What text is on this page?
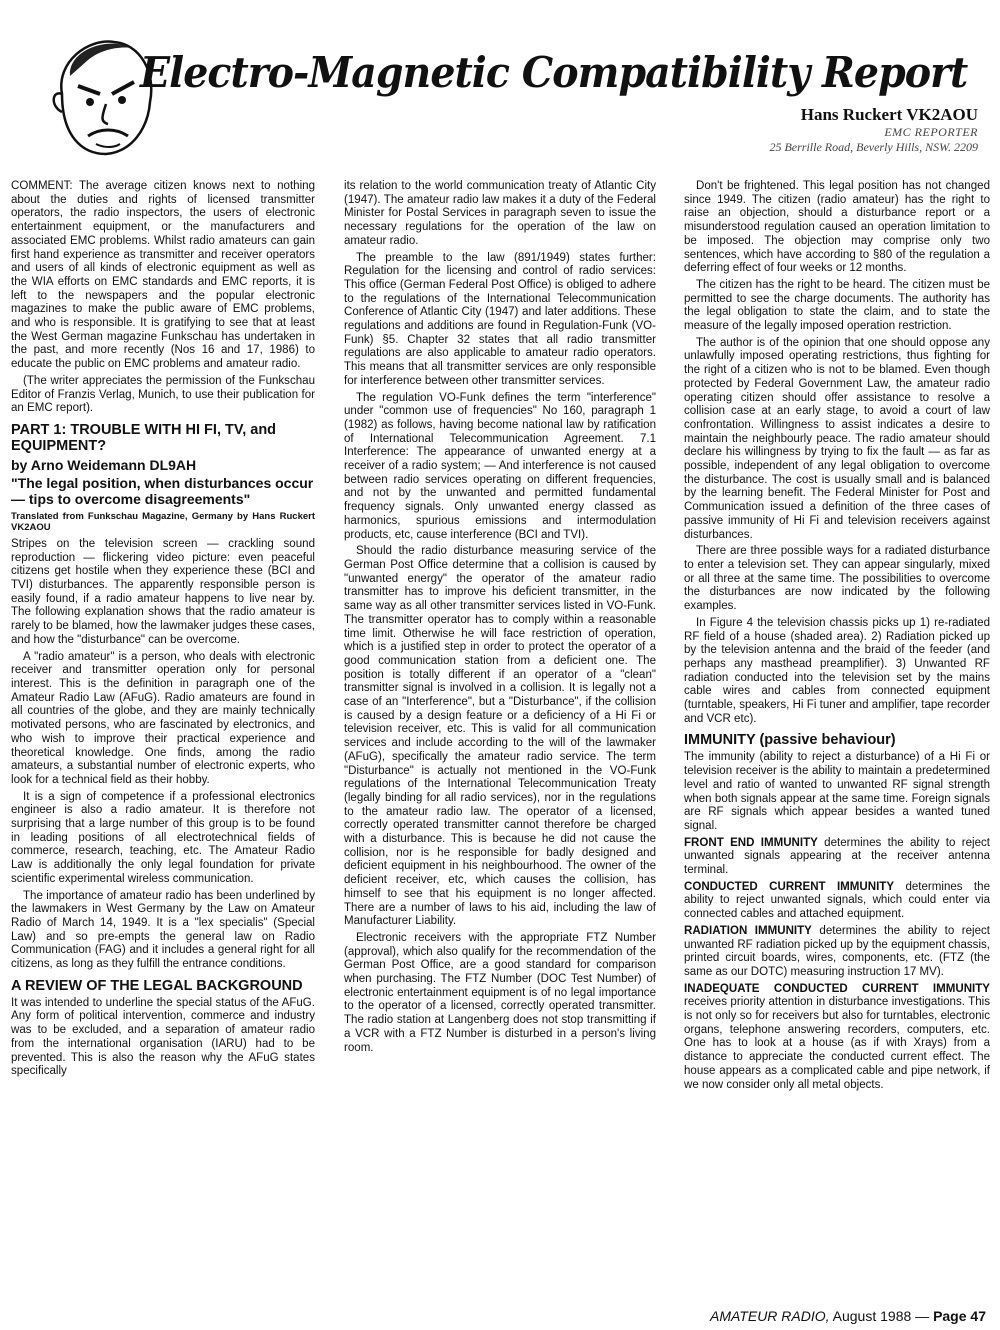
Electro-Magnetic Compatibility Report
Hans Ruckert VK2AOU
EMC REPORTER
25 Berrille Road, Beverly Hills, NSW. 2209

COMMENT: The average citizen knows next to nothing about the duties and rights of licensed transmitter operators, the radio inspectors, the users of electronic entertainment equipment, or the manufacturers and associated EMC problems. Whilst radio amateurs can gain first hand experience as transmitter and receiver operators and users of all kinds of electronic equipment as well as the WIA efforts on EMC standards and EMC reports, it is left to the newspapers and the popular electronic magazines to make the public aware of EMC problems, and who is responsible. It is gratifying to see that at least the West German magazine Funkschau has undertaken in the past, and more recently (Nos 16 and 17, 1986) to educate the public on EMC problems and amateur radio.

(The writer appreciates the permission of the Funkschau Editor of Franzis Verlag, Munich, to use their publication for an EMC report).

PART 1: TROUBLE WITH HI FI, TV, and EQUIPMENT?
by Arno Weidemann DL9AH
"The legal position, when disturbances occur — tips to overcome disagreements"

Translated from Funkschau Magazine, Germany by Hans Ruckert VK2AOU

Stripes on the television screen — crackling sound reproduction — flickering video picture: even peaceful citizens get hostile when they experience these (BCI and TVI) disturbances. The apparently responsible person is easily found, if a radio amateur happens to live near by. The following explanation shows that the radio amateur is rarely to be blamed, how the lawmaker judges these cases, and how the "disturbance" can be overcome.

A "radio amateur" is a person, who deals with electronic receiver and transmitter operation only for personal interest. This is the definition in paragraph one of the Amateur Radio Law (AFuG). Radio amateurs are found in all countries of the globe, and they are mainly technically motivated persons, who are fascinated by electronics, and who wish to improve their practical experience and theoretical knowledge. One finds, among the radio amateurs, a substantial number of electronic experts, who look for a technical field as their hobby.

It is a sign of competence if a professional electronics engineer is also a radio amateur. It is therefore not surprising that a large number of this group is to be found in leading positions of all electrotechnical fields of commerce, research, teaching, etc. The Amateur Radio Law is additionally the only legal foundation for private scientific experimental wireless communication.

The importance of amateur radio has been underlined by the lawmakers in West Germany by the Law on Amateur Radio of March 14, 1949. It is a "lex specialis" (Special Law) and so pre-empts the general law on Radio Communication (FAG) and it includes a general right for all citizens, as long as they fulfill the entrance conditions.

A REVIEW OF THE LEGAL BACKGROUND

It was intended to underline the special status of the AFuG. Any form of political intervention, commerce and industry was to be excluded, and a separation of amateur radio from the international organisation (IARU) had to be prevented. This is also the reason why the AFuG states specifically

its relation to the world communication treaty of Atlantic City (1947). The amateur radio law makes it a duty of the Federal Minister for Postal Services in paragraph seven to issue the necessary regulations for the operation of the law on amateur radio.

The preamble to the law (891/1949) states further: Regulation for the licensing and control of radio services: This office (German Federal Post Office) is obliged to adhere to the regulations of the International Telecommunication Conference of Atlantic City (1947) and later additions. These regulations and additions are found in Regulation-Funk (VO-Funk) §5. Chapter 32 states that all radio transmitter regulations are also applicable to amateur radio operators. This means that all transmitter services are only responsible for interference between other transmitter services.

The regulation VO-Funk defines the term "interference" under "common use of frequencies" No 160, paragraph 1 (1982) as follows, having become national law by ratification of International Telecommunication Agreement. 7.1 Interference: The appearance of unwanted energy at a receiver of a radio system; — And interference is not caused between radio services operating on different frequencies, and not by the unwanted and permitted fundamental frequency signals. Only unwanted energy classed as harmonics, spurious emissions and intermodulation products, etc, cause interference (BCI and TVI).

Should the radio disturbance measuring service of the German Post Office determine that a collision is caused by "unwanted energy" the operator of the amateur radio transmitter has to improve his deficient transmitter, in the same way as all other transmitter services listed in VO-Funk. The transmitter operator has to comply within a reasonable time limit. Otherwise he will face restriction of operation, which is a justified step in order to protect the operator of a good communication station from a deficient one. The position is totally different if an operator of a "clean" transmitter signal is involved in a collision. It is legally not a case of an "Interference", but a "Disturbance", if the collision is caused by a design feature or a deficiency of a Hi Fi or television receiver, etc. This is valid for all communication services and include according to the will of the lawmaker (AFuG), specifically the amateur radio service. The term "Disturbance" is actually not mentioned in the VO-Funk regulations of the International Telecommunication Treaty (legally binding for all radio services), nor in the regulations to the amateur radio law. The operator of a licensed, correctly operated transmitter cannot therefore be charged with a disturbance. This is because he did not cause the collision, nor is he responsible for badly designed and deficient equipment in his neighbourhood. The owner of the deficient receiver, etc, which causes the collision, has himself to see that his equipment is no longer affected. There are a number of laws to his aid, including the law of Manufacturer Liability.

Electronic receivers with the appropriate FTZ Number (approval), which also qualify for the recommendation of the German Post Office, are a good standard for comparison when purchasing. The FTZ Number (DOC Test Number) of electronic entertainment equipment is of no legal importance to the operator of a licensed, correctly operated transmitter. The radio station at Langenberg does not stop transmitting if a VCR with a FTZ Number is disturbed in a person's living room.

Don't be frightened. This legal position has not changed since 1949. The citizen (radio amateur) has the right to raise an objection, should a disturbance report or a misunderstood regulation caused an operation limitation to be imposed. The objection may comprise only two sentences, which have according to §80 of the regulation a deferring effect of four weeks or 12 months.

The citizen has the right to be heard. The citizen must be permitted to see the charge documents. The authority has the legal obligation to state the claim, and to state the measure of the legally imposed operation restriction.

The author is of the opinion that one should oppose any unlawfully imposed operating restrictions, thus fighting for the right of a citizen who is not to be blamed. Even though protected by Federal Government Law, the amateur radio operating citizen should offer assistance to resolve a collision case at an early stage, to avoid a court of law confrontation. Willingness to assist indicates a desire to maintain the neighbourly peace. The radio amateur should declare his willingness by trying to fix the fault — as far as possible, independent of any legal obligation to overcome the disturbance. The cost is usually small and is balanced by the learning benefit. The Federal Minister for Post and Communication issued a definition of the three cases of passive immunity of Hi Fi and television receivers against disturbances.

There are three possible ways for a radiated disturbance to enter a television set. They can appear singularly, mixed or all three at the same time. The possibilities to overcome the disturbances are now indicated by the following examples.

In Figure 4 the television chassis picks up 1) re-radiated RF field of a house (shaded area). 2) Radiation picked up by the television antenna and the braid of the feeder (and perhaps any masthead preamplifier). 3) Unwanted RF radiation conducted into the television set by the mains cable wires and cables from connected equipment (turntable, speakers, Hi Fi tuner and amplifier, tape recorder and VCR etc).

IMMUNITY (passive behaviour)

The immunity (ability to reject a disturbance) of a Hi Fi or television receiver is the ability to maintain a predetermined level and ratio of wanted to unwanted RF signal strength when both signals appear at the same time. Foreign signals are RF signals which appear besides a wanted tuned signal.

FRONT END IMMUNITY determines the ability to reject unwanted signals appearing at the receiver antenna terminal.

CONDUCTED CURRENT IMMUNITY determines the ability to reject unwanted signals, which could enter via connected cables and attached equipment.

RADIATION IMMUNITY determines the ability to reject unwanted RF radiation picked up by the equipment chassis, printed circuit boards, wires, components, etc. (FTZ (the same as our DOTC) measuring instruction 17 MV).

INADEQUATE CONDUCTED CURRENT IMMUNITY receives priority attention in disturbance investigations. This is not only so for receivers but also for turntables, electronic organs, telephone answering recorders, computers, etc. One has to look at a house (as if with Xrays) from a distance to appreciate the conducted current effect. The house appears as a complicated cable and pipe network, if we now consider only all metal objects.

AMATEUR RADIO, August 1988 — Page 47
